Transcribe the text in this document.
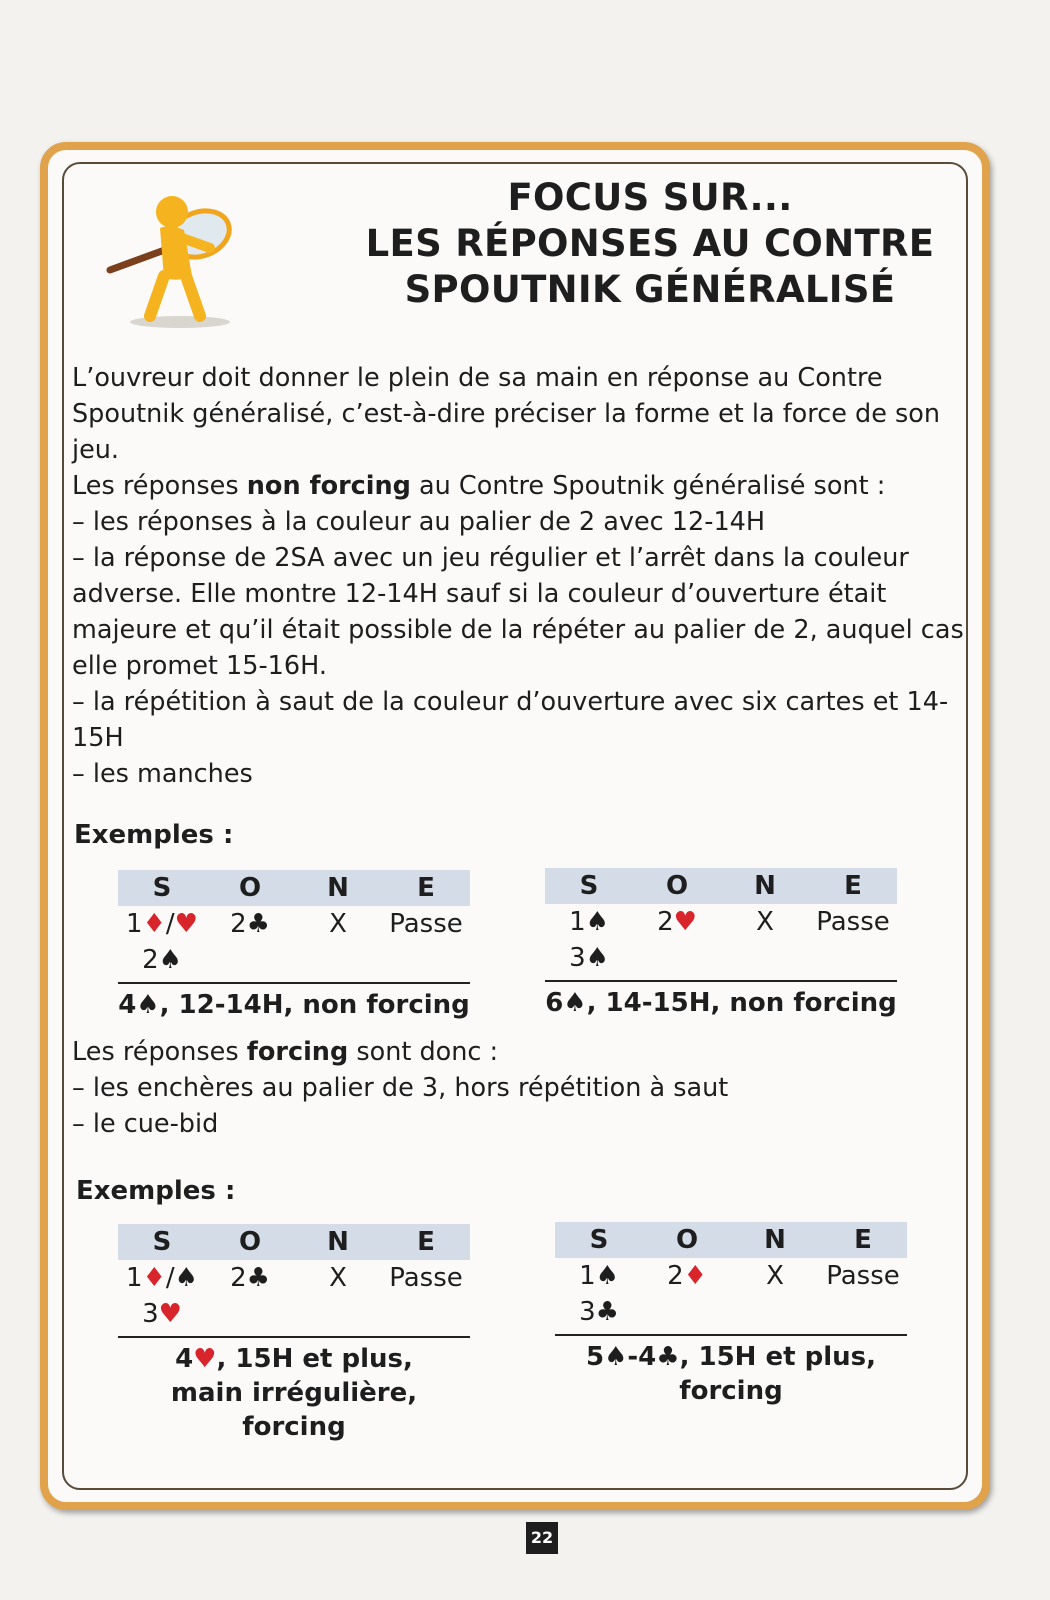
FOCUS SUR...
LES RÉPONSES AU CONTRE
SPOUTNIK GÉNÉRALISÉ
L’ouvreur doit donner le plein de sa main en réponse au Contre Spoutnik généralisé, c’est-à-dire préciser la forme et la force de son jeu.
Les réponses non forcing au Contre Spoutnik généralisé sont :
– les réponses à la couleur au palier de 2 avec 12-14H
– la réponse de 2SA avec un jeu régulier et l’arrêt dans la couleur adverse. Elle montre 12-14H sauf si la couleur d’ouverture était majeure et qu’il était possible de la répéter au palier de 2, auquel cas elle promet 15-16H.
– la répétition à saut de la couleur d’ouverture avec six cartes et 14-15H
– les manches
Exemples :
S	O	N	E
1♦/♥	2♣	X	Passe
2♠
4♠, 12-14H, non forcing
S	O	N	E
1♠	2♥	X	Passe
3♠
6♠, 14-15H, non forcing
Les réponses forcing sont donc :
– les enchères au palier de 3, hors répétition à saut
– le cue-bid
Exemples :
S	O	N	E
1♦/♠	2♣	X	Passe
3♥
4♥, 15H et plus,
main irrégulière, forcing
S	O	N	E
1♠	2♦	X	Passe
3♣
5♠-4♣, 15H et plus,
forcing
22
